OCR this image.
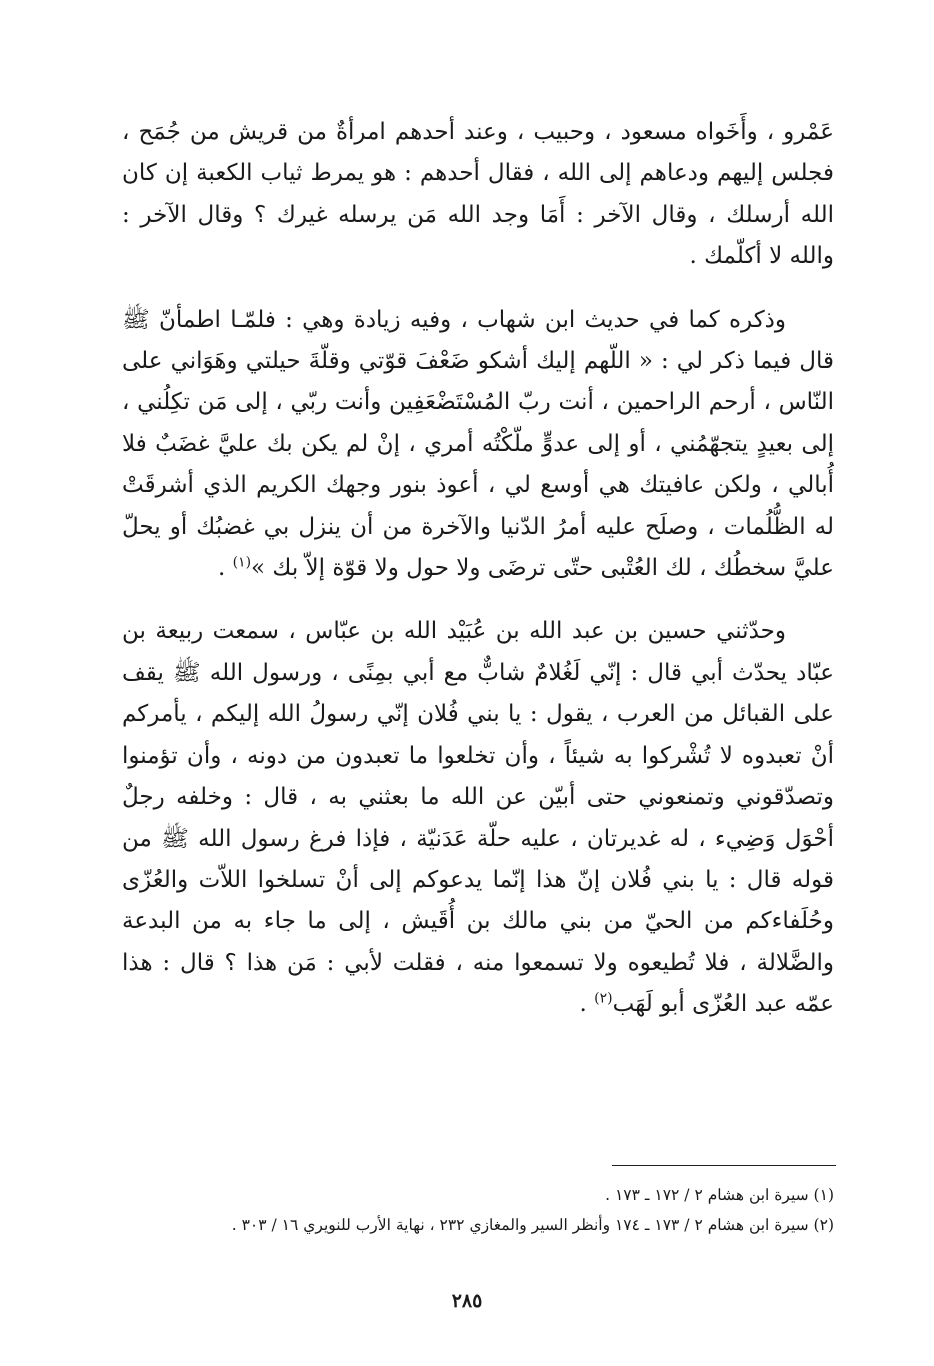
عَمْرو ، وأَخَواه مسعود ، وحبيب ، وعند أحدهم امرأةٌ من قريش من جُمَح ، فجلس إليهم ودعاهم إلى الله ، فقال أحدهم : هو يمرط ثياب الكعبة إن كان الله أرسلك ، وقال الآخر : أَمَا وجد الله مَن يرسله غيرك ؟ وقال الآخر : والله لا أكلّمك .

وذكره كما في حديث ابن شهاب ، وفيه زيادة وهي : فلمّـا اطمأنّ ﷺ قال فيما ذكر لي : « اللّهم إليك أشكو ضَعْفَ قوّتي وقلّةَ حيلتي وهَوَاني على النّاس ، أرحم الراحمين ، أنت ربّ المُسْتَضْعَفِين وأنت ربّي ، إلى مَن تكِلُني ، إلى بعيدٍ يتجهّمُني ، أو إلى عدوٍّ ملّكْتُه أمري ، إنْ لم يكن بك عليَّ غضَبٌ فلا أُبالي ، ولكن عافيتك هي أوسع لي ، أعوذ بنور وجهك الكريم الذي أشرقَتْ له الظُّلُمات ، وصلَح عليه أمرُ الدّنيا والآخرة من أن ينزل بي غضبُك أو يحلّ عليَّ سخطُك ، لك العُتْبى حتّى ترضَى ولا حول ولا قوّة إلاّ بك »$^{(١)}$ .

وحدّثني حسين بن عبد الله بن عُبَيْد الله بن عبّاس ، سمعت ربيعة بن عبّاد يحدّث أبي قال : إنّي لَغُلامٌ شابٌّ مع أبي بمِنًى ، ورسول الله ﷺ يقف على القبائل من العرب ، يقول : يا بني فُلان إنّي رسولُ الله إليكم ، يأمركم أنْ تعبدوه لا تُشْركوا به شيئاً ، وأن تخلعوا ما تعبدون من دونه ، وأن تؤمنوا وتصدّقوني وتمنعوني حتى أبيّن عن الله ما بعثني به ، قال : وخلفه رجلٌ أحْوَل وَضِيء ، له غديرتان ، عليه حلّة عَدَنيّة ، فإذا فرغ رسول الله ﷺ من قوله قال : يا بني فُلان إنّ هذا إنّما يدعوكم إلى أنْ تسلخوا اللاّت والعُزّى وحُلَفاءكم من الحيّ من بني مالك بن أُقَيش ، إلى ما جاء به من البدعة والضَّلالة ، فلا تُطيعوه ولا تسمعوا منه ، فقلت لأبي : مَن هذا ؟ قال : هذا عمّه عبد العُزّى أبو لَهَب$^{(٢)}$ .

(١) سيرة ابن هشام ٢ / ١٧٢ ـ ١٧٣ .

(٢) سيرة ابن هشام ٢ / ١٧٣ ـ ١٧٤ وأنظر السير والمغازي ٢٣٢ ، نهاية الأرب للنويري ١٦ / ٣٠٣ .

٢٨٥
